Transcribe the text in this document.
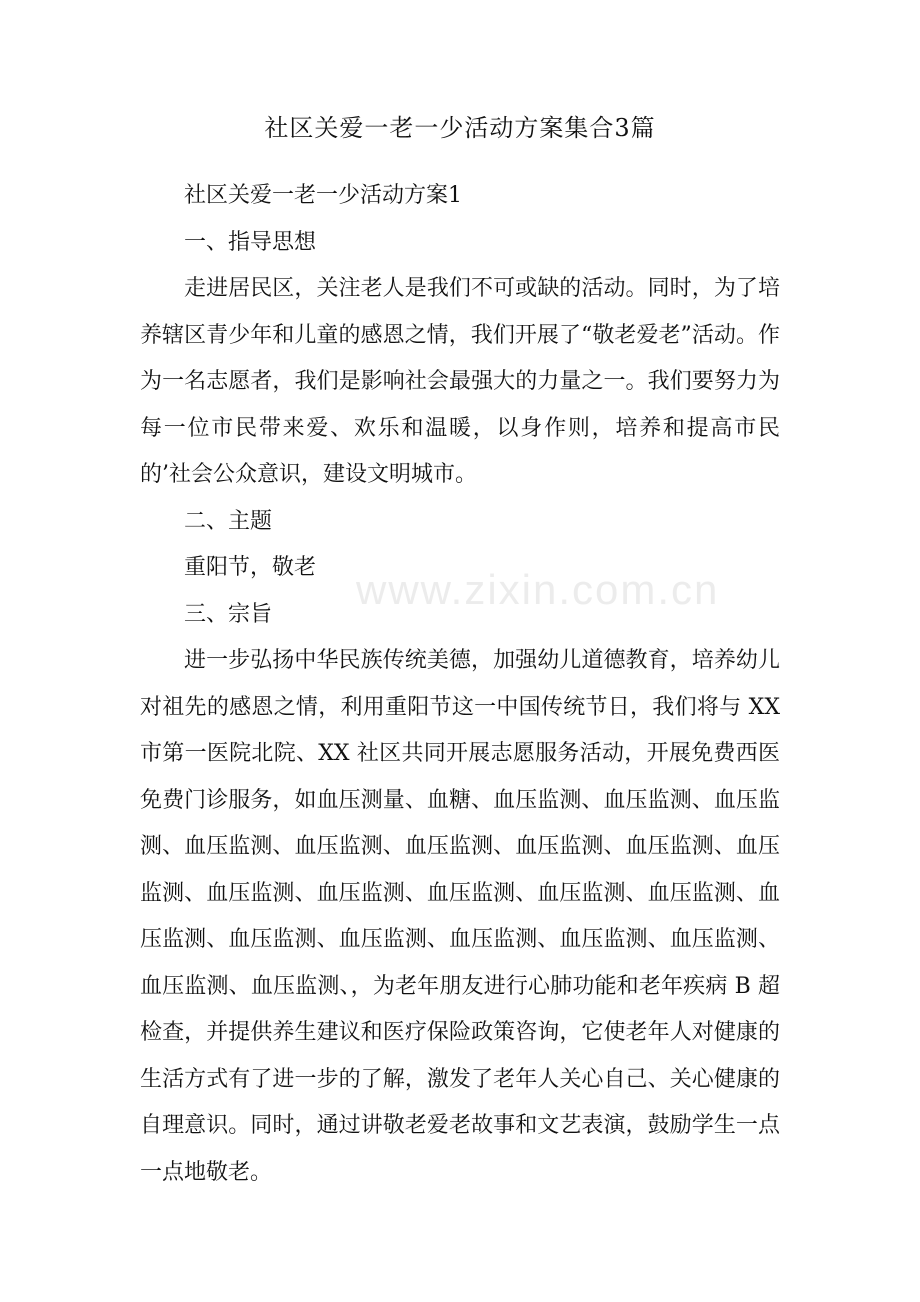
社区关爱一老一少活动方案集合3篇

社区关爱一老一少活动方案1

一、指导思想

走进居民区，关注老人是我们不可或缺的活动。同时，为了培养辖区青少年和儿童的感恩之情，我们开展了“敬老爱老”活动。作为一名志愿者，我们是影响社会最强大的力量之一。我们要努力为每一位市民带来爱、欢乐和温暖，以身作则，培养和提高市民的’社会公众意识，建设文明城市。

二、主题

重阳节，敬老

三、宗旨

进一步弘扬中华民族传统美德，加强幼儿道德教育，培养幼儿对祖先的感恩之情，利用重阳节这一中国传统节日，我们将与 XX 市第一医院北院、XX 社区共同开展志愿服务活动，开展免费西医免费门诊服务，如血压测量、血糖、血压监测、血压监测、血压监测、血压监测、血压监测、血压监测、血压监测、血压监测、血压监测、血压监测、血压监测、血压监测、血压监测、血压监测、血压监测、血压监测、血压监测、血压监测、血压监测、血压监测、血压监测、血压监测、，为老年朋友进行心肺功能和老年疾病 B 超检查，并提供养生建议和医疗保险政策咨询，它使老年人对健康的生活方式有了进一步的了解，激发了老年人关心自己、关心健康的自理意识。同时，通过讲敬老爱老故事和文艺表演，鼓励学生一点一点地敬老。

www.zixin.com.cn
